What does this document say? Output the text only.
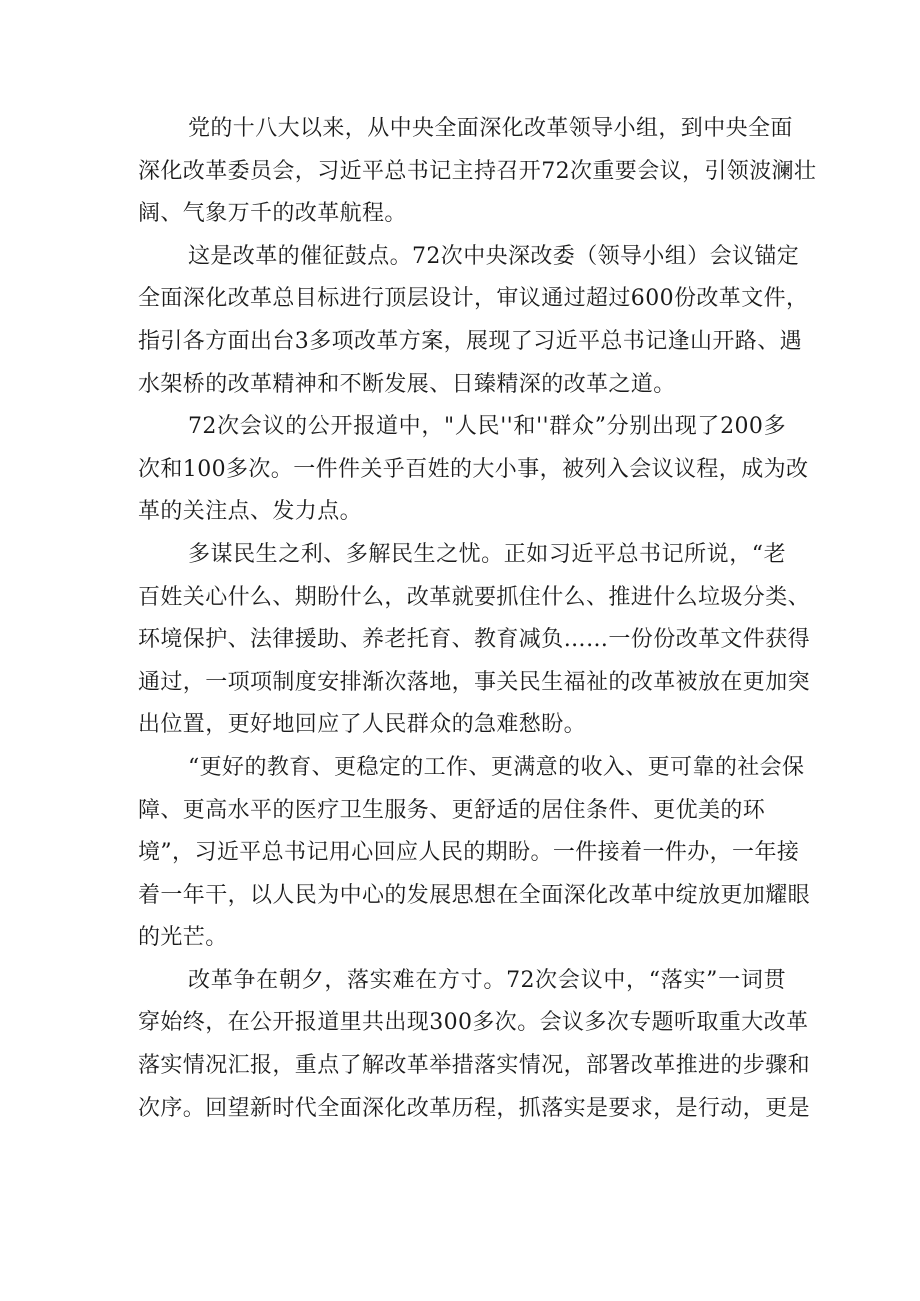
党的十八大以来，从中央全面深化改革领导小组，到中央全面
深化改革委员会，习近平总书记主持召开72次重要会议，引领波澜壮
阔、气象万千的改革航程。
这是改革的催征鼓点。72次中央深改委（领导小组）会议锚定
全面深化改革总目标进行顶层设计，审议通过超过600份改革文件，
指引各方面出台3多项改革方案，展现了习近平总书记逢山开路、遇
水架桥的改革精神和不断发展、日臻精深的改革之道。
72次会议的公开报道中，"人民''和''群众”分别出现了200多
次和100多次。一件件关乎百姓的大小事，被列入会议议程，成为改
革的关注点、发力点。
多谋民生之利、多解民生之忧。正如习近平总书记所说，“老
百姓关心什么、期盼什么，改革就要抓住什么、推进什么垃圾分类、
环境保护、法律援助、养老托育、教育减负……一份份改革文件获得
通过，一项项制度安排渐次落地，事关民生福祉的改革被放在更加突
出位置，更好地回应了人民群众的急难愁盼。
“更好的教育、更稳定的工作、更满意的收入、更可靠的社会保
障、更高水平的医疗卫生服务、更舒适的居住条件、更优美的环
境”，习近平总书记用心回应人民的期盼。一件接着一件办，一年接
着一年干，以人民为中心的发展思想在全面深化改革中绽放更加耀眼
的光芒。
改革争在朝夕，落实难在方寸。72次会议中，“落实”一词贯
穿始终，在公开报道里共出现300多次。会议多次专题听取重大改革
落实情况汇报，重点了解改革举措落实情况，部署改革推进的步骤和
次序。回望新时代全面深化改革历程，抓落实是要求，是行动，更是
